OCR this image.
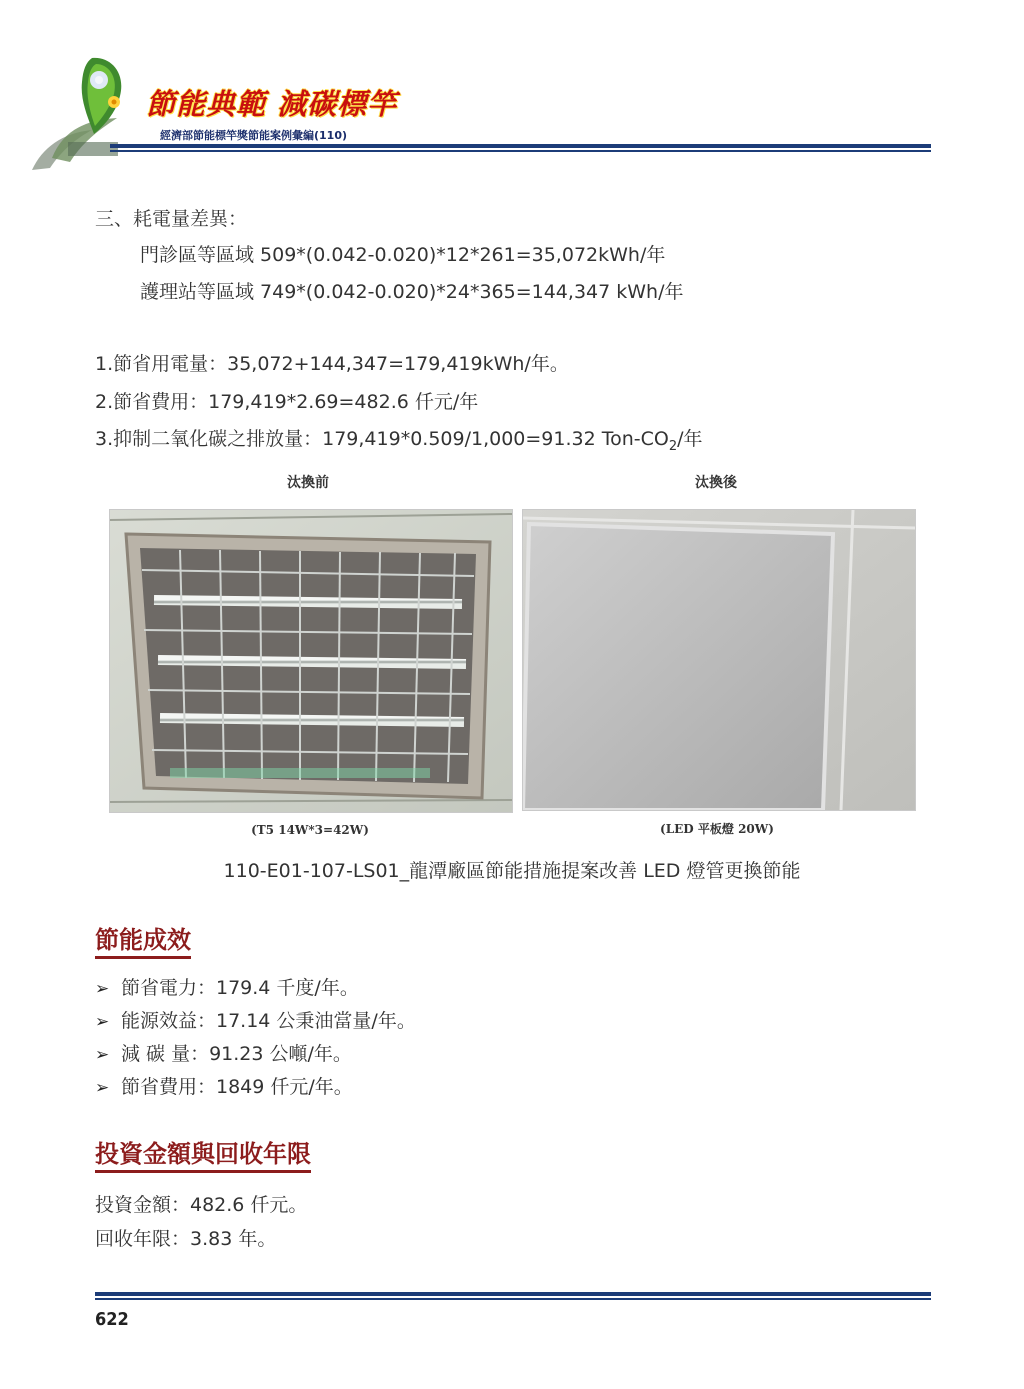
節能典範 減碳標竿
經濟部節能標竿獎節能案例彙編(110)
三、耗電量差異：
門診區等區域 509*(0.042-0.020)*12*261=35,072kWh/年
護理站等區域 749*(0.042-0.020)*24*365=144,347 kWh/年
1.節省用電量：35,072+144,347=179,419kWh/年。
2.節省費用：179,419*2.69=482.6 仟元/年
3.抑制二氧化碳之排放量：179,419*0.509/1,000=91.32 Ton-$CO_2/$年
汰換前	汰換後
(T5 14W*3=42W)	(LED 平板燈 20W)
110-E01-107-LS01_龍潭廠區節能措施提案改善 LED 燈管更換節能
節能成效
➢ 節省電力：179.4 千度/年。
➢ 能源效益：17.14 公秉油當量/年。
➢ 減 碳 量：91.23 公噸/年。
➢ 節省費用：1849 仟元/年。
投資金額與回收年限
投資金額：482.6 仟元。
回收年限：3.83 年。
622
